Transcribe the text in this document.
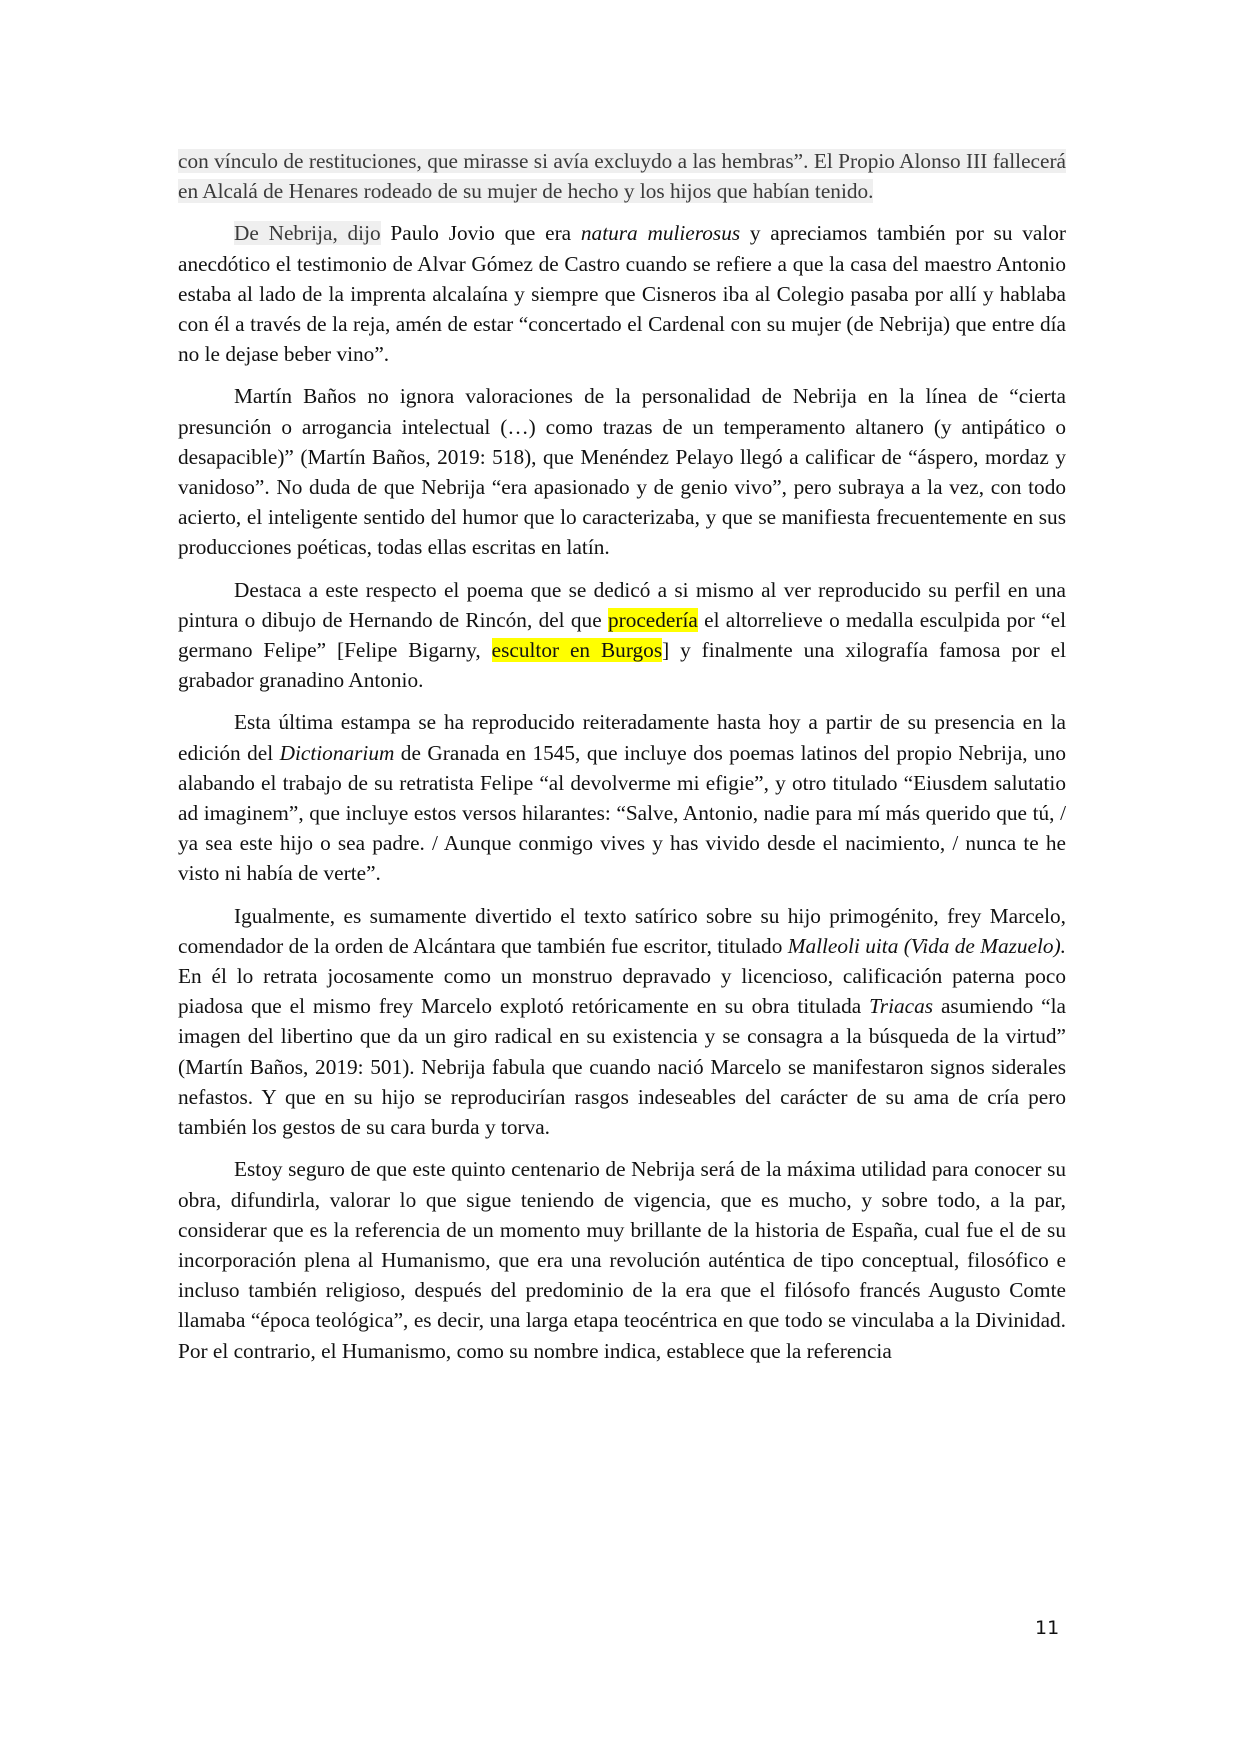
con vínculo de restituciones, que mirasse si avía excluydo a las hembras”. El Propio Alonso III fallecerá en Alcalá de Henares rodeado de su mujer de hecho y los hijos que habían tenido.

De Nebrija, dijo Paulo Jovio que era natura mulierosus y apreciamos también por su valor anecdótico el testimonio de Alvar Gómez de Castro cuando se refiere a que la casa del maestro Antonio estaba al lado de la imprenta alcalaína y siempre que Cisneros iba al Colegio pasaba por allí y hablaba con él a través de la reja, amén de estar “concertado el Cardenal con su mujer (de Nebrija) que entre día no le dejase beber vino”.

Martín Baños no ignora valoraciones de la personalidad de Nebrija en la línea de “cierta presunción o arrogancia intelectual (…) como trazas de un temperamento altanero (y antipático o desapacible)” (Martín Baños, 2019: 518), que Menéndez Pelayo llegó a calificar de “áspero, mordaz y vanidoso”. No duda de que Nebrija “era apasionado y de genio vivo”, pero subraya a la vez, con todo acierto, el inteligente sentido del humor que lo caracterizaba, y que se manifiesta frecuentemente en sus producciones poéticas, todas ellas escritas en latín.

Destaca a este respecto el poema que se dedicó a si mismo al ver reproducido su perfil en una pintura o dibujo de Hernando de Rincón, del que procedería el altorrelieve o medalla esculpida por “el germano Felipe” [Felipe Bigarny, escultor en Burgos] y finalmente una xilografía famosa por el grabador granadino Antonio.

Esta última estampa se ha reproducido reiteradamente hasta hoy a partir de su presencia en la edición del Dictionarium de Granada en 1545, que incluye dos poemas latinos del propio Nebrija, uno alabando el trabajo de su retratista Felipe “al devolverme mi efigie”, y otro titulado “Eiusdem salutatio ad imaginem”, que incluye estos versos hilarantes: “Salve, Antonio, nadie para mí más querido que tú, / ya sea este hijo o sea padre. / Aunque conmigo vives y has vivido desde el nacimiento, / nunca te he visto ni había de verte”.

Igualmente, es sumamente divertido el texto satírico sobre su hijo primogénito, frey Marcelo, comendador de la orden de Alcántara que también fue escritor, titulado Malleoli uita (Vida de Mazuelo). En él lo retrata jocosamente como un monstruo depravado y licencioso, calificación paterna poco piadosa que el mismo frey Marcelo explotó retóricamente en su obra titulada Triacas asumiendo “la imagen del libertino que da un giro radical en su existencia y se consagra a la búsqueda de la virtud” (Martín Baños, 2019: 501). Nebrija fabula que cuando nació Marcelo se manifestaron signos siderales nefastos. Y que en su hijo se reproducirían rasgos indeseables del carácter de su ama de cría pero también los gestos de su cara burda y torva.

Estoy seguro de que este quinto centenario de Nebrija será de la máxima utilidad para conocer su obra, difundirla, valorar lo que sigue teniendo de vigencia, que es mucho, y sobre todo, a la par, considerar que es la referencia de un momento muy brillante de la historia de España, cual fue el de su incorporación plena al Humanismo, que era una revolución auténtica de tipo conceptual, filosófico e incluso también religioso, después del predominio de la era que el filósofo francés Augusto Comte llamaba “época teológica”, es decir, una larga etapa teocéntrica en que todo se vinculaba a la Divinidad. Por el contrario, el Humanismo, como su nombre indica, establece que la referencia

11
